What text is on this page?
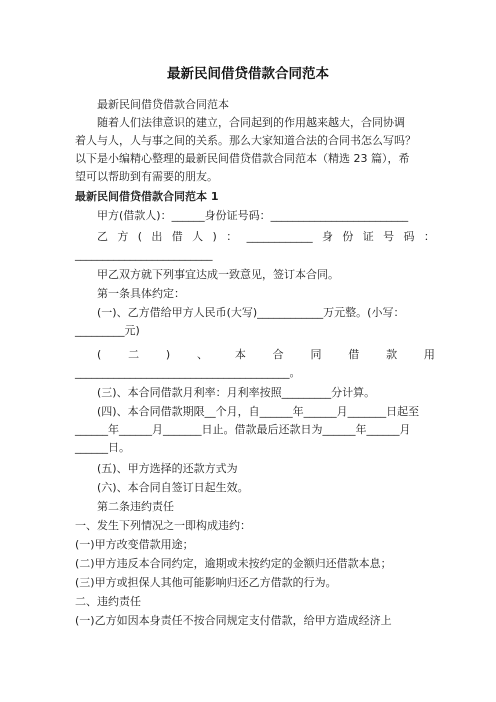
最新民间借贷借款合同范本
最新民间借贷借款合同范本
随着人们法律意识的建立，合同起到的作用越来越大，合同协调
着人与人，人与事之间的关系。那么大家知道合法的合同书怎么写吗？
以下是小编精心整理的最新民间借贷借款合同范本（精选 23 篇），希
望可以帮助到有需要的朋友。
最新民间借贷借款合同范本 1
甲方(借款人)：______身份证号码：_________________________
乙 方 ( 出 借 人 ) ： ____________ 身 份 证 号 码 ：
_________________________
甲乙双方就下列事宜达成一致意见，签订本合同。
第一条具体约定：
(一)、乙方借给甲方人民币(大写)____________万元整。(小写：
_________元)
( 二 ) 、 本 合 同 借 款 用
_______________________________________。
(三)、本合同借款月利率：月利率按照_________分计算。
(四)、本合同借款期限__个月，自______年______月_______日起至
______年______月_______日止。借款最后还款日为______年______月
______日。
(五)、甲方选择的还款方式为
(六)、本合同自签订日起生效。
第二条违约责任
一、发生下列情况之一即构成违约：
(一)甲方改变借款用途；
(二)甲方违反本合同约定，逾期或未按约定的金额归还借款本息；
(三)甲方或担保人其他可能影响归还乙方借款的行为。
二、违约责任
(一)乙方如因本身责任不按合同规定支付借款，给甲方造成经济上
